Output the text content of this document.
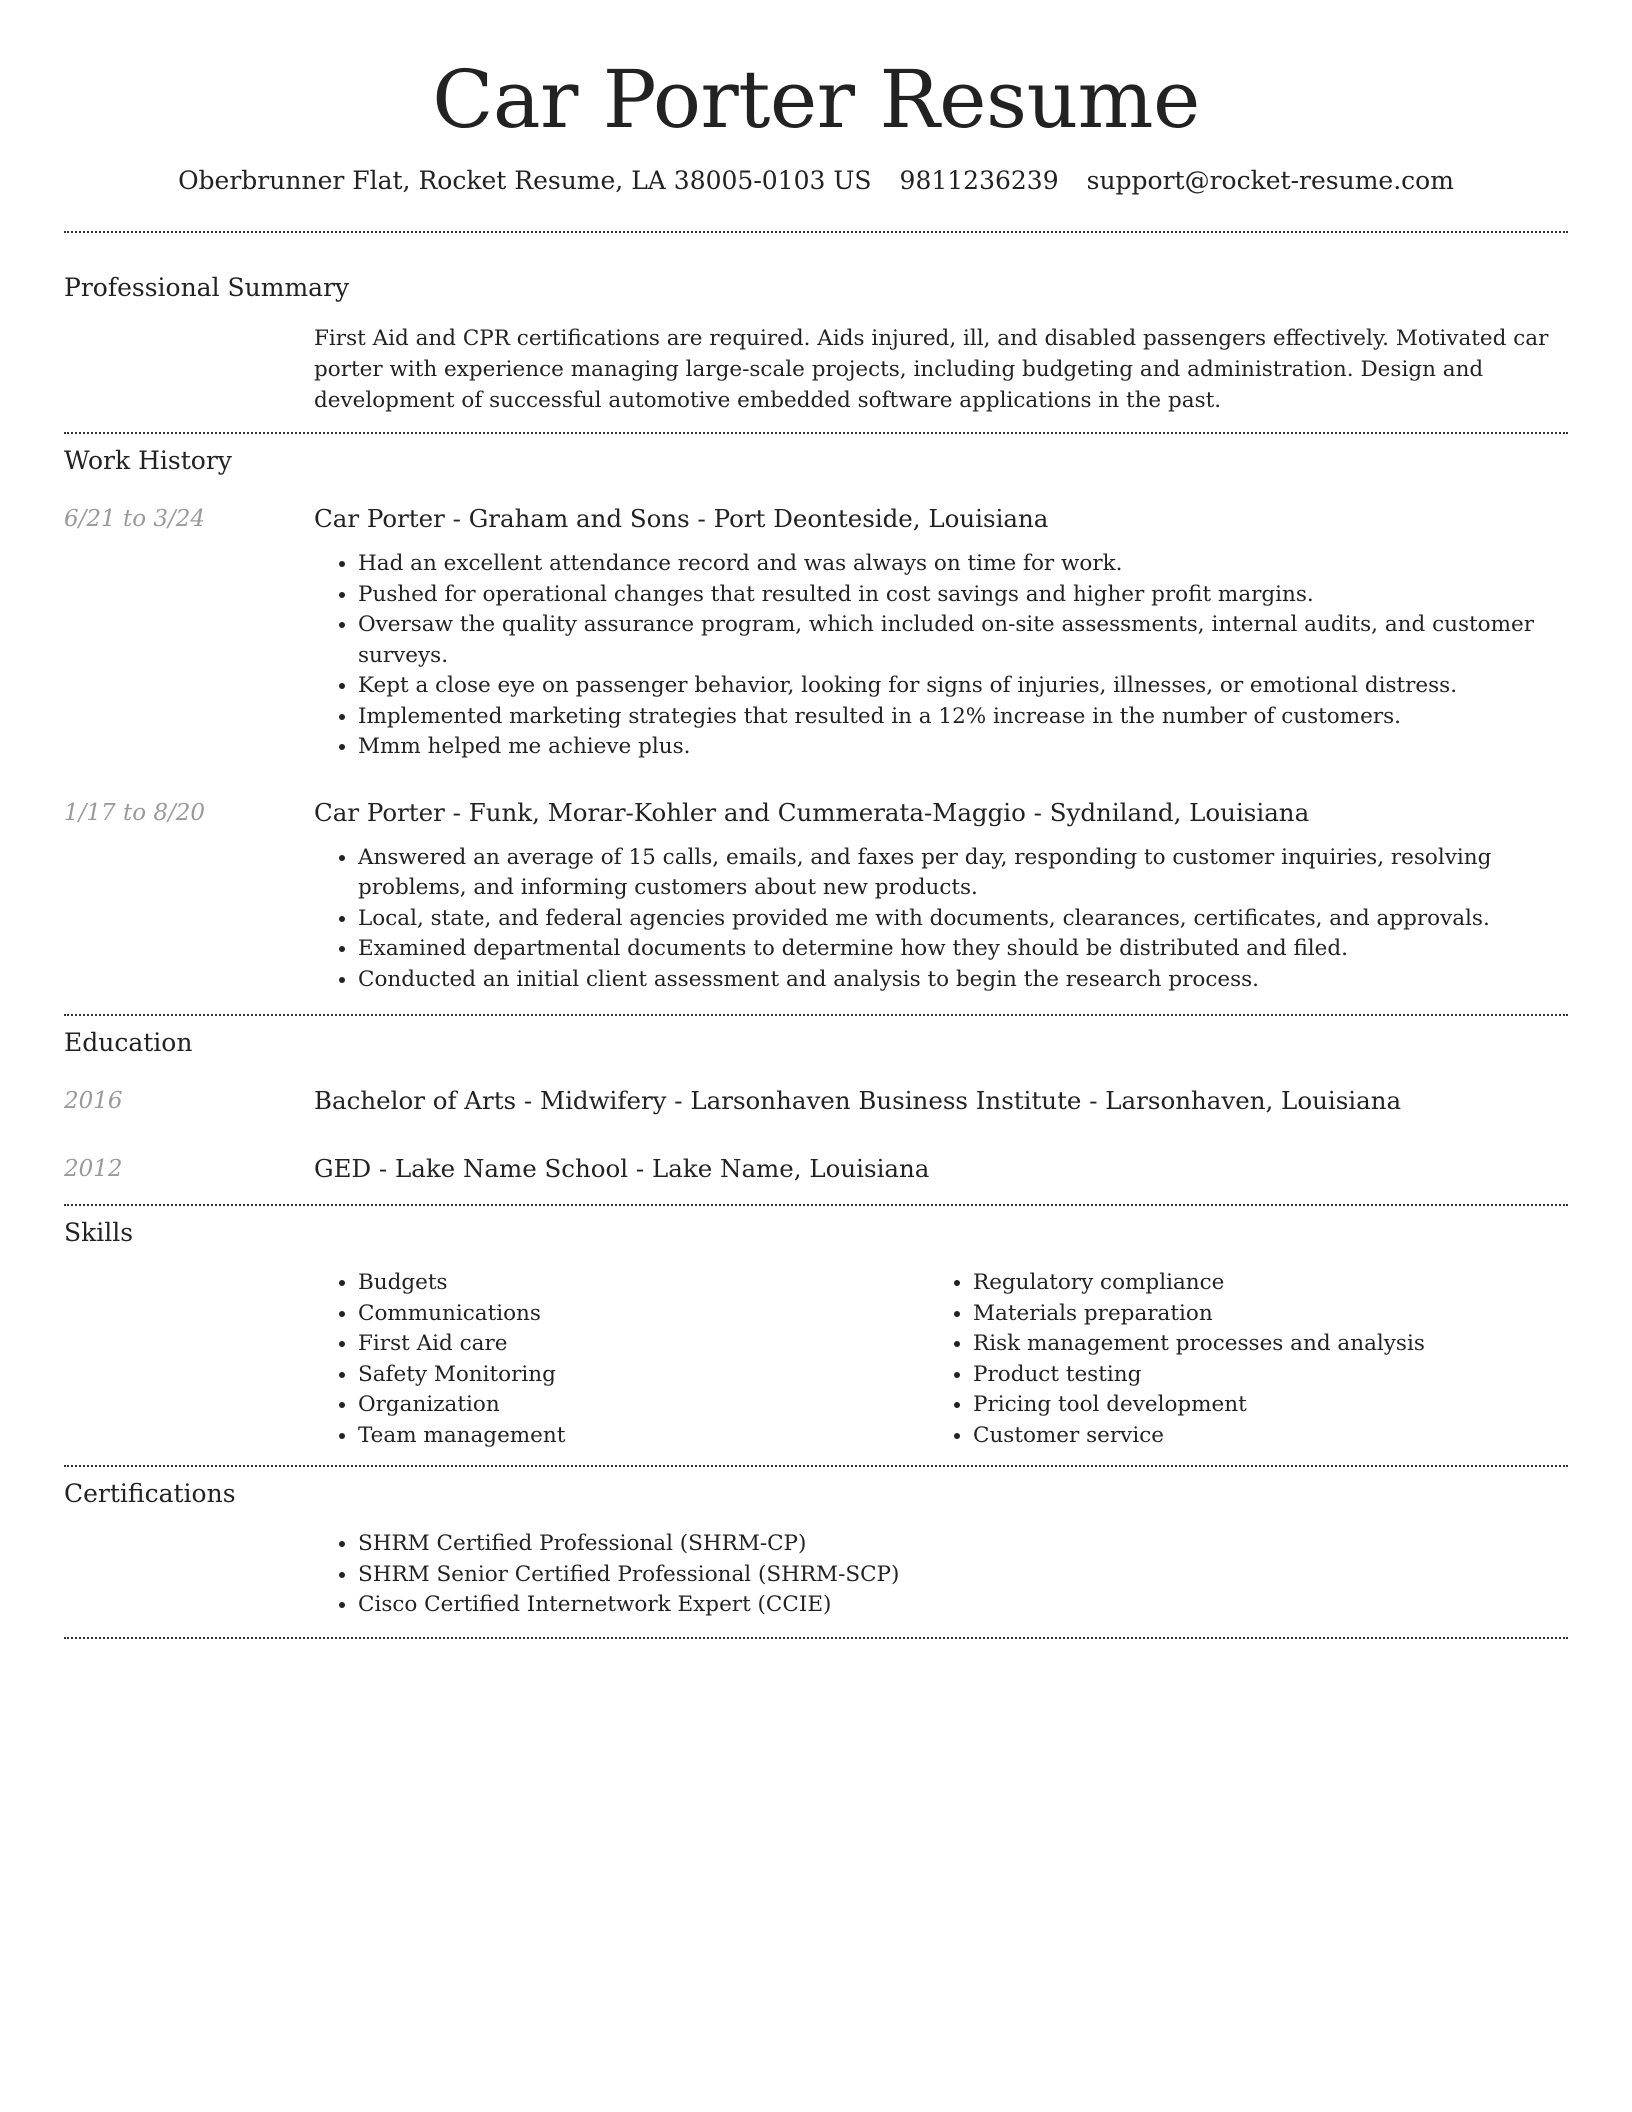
Car Porter Resume
Oberbrunner Flat, Rocket Resume, LA 38005-0103 US 9811236239 support@rocket-resume.com
Professional Summary
First Aid and CPR certifications are required. Aids injured, ill, and disabled passengers effectively. Motivated car porter with experience managing large-scale projects, including budgeting and administration. Design and development of successful automotive embedded software applications in the past.
Work History
6/21 to 3/24	Car Porter - Graham and Sons - Port Deonteside, Louisiana
• Had an excellent attendance record and was always on time for work.
• Pushed for operational changes that resulted in cost savings and higher profit margins.
• Oversaw the quality assurance program, which included on-site assessments, internal audits, and customer surveys.
• Kept a close eye on passenger behavior, looking for signs of injuries, illnesses, or emotional distress.
• Implemented marketing strategies that resulted in a 12% increase in the number of customers.
• Mmm helped me achieve plus.
1/17 to 8/20	Car Porter - Funk, Morar-Kohler and Cummerata-Maggio - Sydniland, Louisiana
• Answered an average of 15 calls, emails, and faxes per day, responding to customer inquiries, resolving problems, and informing customers about new products.
• Local, state, and federal agencies provided me with documents, clearances, certificates, and approvals.
• Examined departmental documents to determine how they should be distributed and filed.
• Conducted an initial client assessment and analysis to begin the research process.
Education
2016	Bachelor of Arts - Midwifery - Larsonhaven Business Institute - Larsonhaven, Louisiana
2012	GED - Lake Name School - Lake Name, Louisiana
Skills
• Budgets
• Communications
• First Aid care
• Safety Monitoring
• Organization
• Team management
• Regulatory compliance
• Materials preparation
• Risk management processes and analysis
• Product testing
• Pricing tool development
• Customer service
Certifications
• SHRM Certified Professional (SHRM-CP)
• SHRM Senior Certified Professional (SHRM-SCP)
• Cisco Certified Internetwork Expert (CCIE)
